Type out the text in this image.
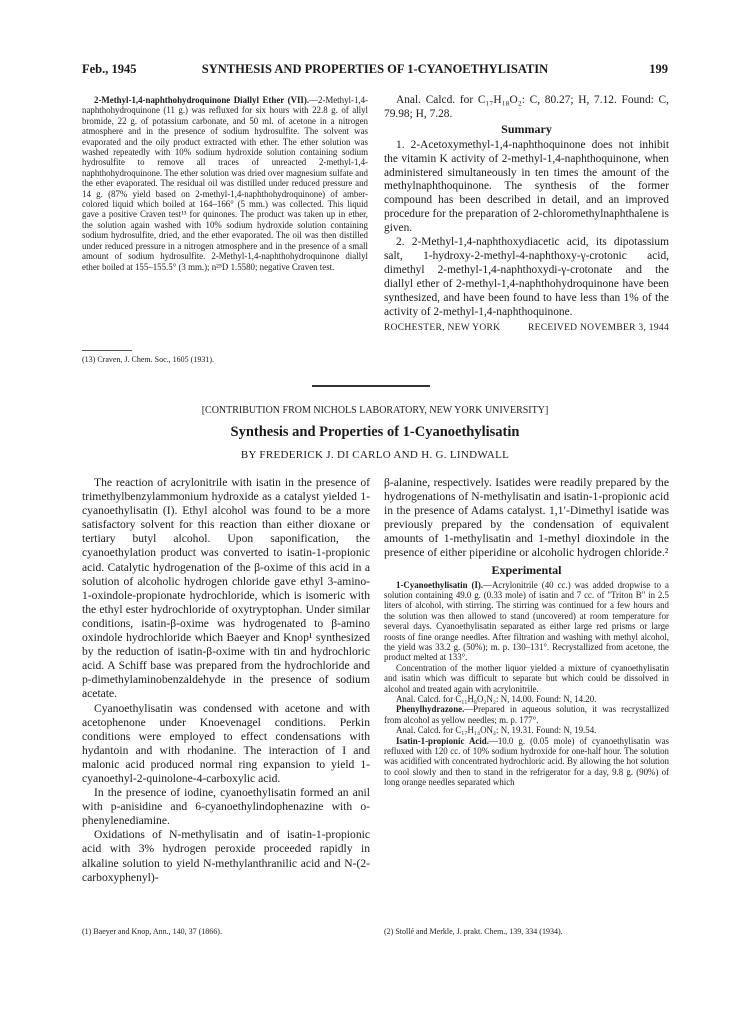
Feb., 1945	SYNTHESIS AND PROPERTIES OF 1-CYANOETHYLISATIN	199

2-Methyl-1,4-naphthohydroquinone Diallyl Ether (VII).—2-Methyl-1,4-naphthohydroquinone (11 g.) was refluxed for six hours with 22.8 g. of allyl bromide, 22 g. of potassium carbonate, and 50 ml. of acetone in a nitrogen atmosphere and in the presence of sodium hydrosulfite. The solvent was evaporated and the oily product extracted with ether. The ether solution was washed repeatedly with 10% sodium hydroxide solution containing sodium hydrosulfite to remove all traces of unreacted 2-methyl-1,4-naphthohydroquinone. The ether solution was dried over magnesium sulfate and the ether evaporated. The residual oil was distilled under reduced pressure and 14 g. (87% yield based on 2-methyl-1,4-naphthohydroquinone) of amber-colored liquid which boiled at 164–166° (5 mm.) was collected. This liquid gave a positive Craven test¹³ for quinones. The product was taken up in ether, the solution again washed with 10% sodium hydroxide solution containing sodium hydrosulfite, dried, and the ether evaporated. The oil was then distilled under reduced pressure in a nitrogen atmosphere and in the presence of a small amount of sodium hydrosulfite. 2-Methyl-1,4-naphthohydroquinone diallyl ether boiled at 155–155.5° (3 mm.); n²⁵D 1.5580; negative Craven test.

(13) Craven, J. Chem. Soc., 1605 (1931).

Anal. Calcd. for C₁₇H₁₈O₂: C, 80.27; H, 7.12. Found: C, 79.98; H, 7.28.

Summary

1. 2-Acetoxymethyl-1,4-naphthoquinone does not inhibit the vitamin K activity of 2-methyl-1,4-naphthoquinone, when administered simultaneously in ten times the amount of the methylnaphthoquinone. The synthesis of the former compound has been described in detail, and an improved procedure for the preparation of 2-chloromethylnaphthalene is given.

2. 2-Methyl-1,4-naphthoxydiacetic acid, its dipotassium salt, 1-hydroxy-2-methyl-4-naphthoxy-γ-crotonic acid, dimethyl 2-methyl-1,4-naphthoxydi-γ-crotonate and the diallyl ether of 2-methyl-1,4-naphthohydroquinone have been synthesized, and have been found to have less than 1% of the activity of 2-methyl-1,4-naphthoquinone.

ROCHESTER, NEW YORK	RECEIVED NOVEMBER 3, 1944
[CONTRIBUTION FROM NICHOLS LABORATORY, NEW YORK UNIVERSITY]
Synthesis and Properties of 1-Cyanoethylisatin
BY FREDERICK J. DI CARLO AND H. G. LINDWALL

The reaction of acrylonitrile with isatin in the presence of trimethylbenzylammonium hydroxide as a catalyst yielded 1-cyanoethylisatin (I). Ethyl alcohol was found to be a more satisfactory solvent for this reaction than either dioxane or tertiary butyl alcohol. Upon saponification, the cyanoethylation product was converted to isatin-1-propionic acid. Catalytic hydrogenation of the β-oxime of this acid in a solution of alcoholic hydrogen chloride gave ethyl 3-amino-1-oxindole-propionate hydrochloride, which is isomeric with the ethyl ester hydrochloride of oxytryptophan. Under similar conditions, isatin-β-oxime was hydrogenated to β-amino oxindole hydrochloride which Baeyer and Knop¹ synthesized by the reduction of isatin-β-oxime with tin and hydrochloric acid. A Schiff base was prepared from the hydrochloride and p-dimethylaminobenzaldehyde in the presence of sodium acetate.

Cyanoethylisatin was condensed with acetone and with acetophenone under Knoevenagel conditions. Perkin conditions were employed to effect condensations with hydantoin and with rhodanine. The interaction of I and malonic acid produced normal ring expansion to yield 1-cyanoethyl-2-quinolone-4-carboxylic acid.

In the presence of iodine, cyanoethylisatin formed an anil with p-anisidine and 6-cyanoethylindophenazine with o-phenylenediamine.

Oxidations of N-methylisatin and of isatin-1-propionic acid with 3% hydrogen peroxide proceeded rapidly in alkaline solution to yield N-methylanthranilic acid and N-(2-carboxyphenyl)-

(1) Baeyer and Knop, Ann., 140, 37 (1866).

β-alanine, respectively. Isatides were readily prepared by the hydrogenations of N-methylisatin and isatin-1-propionic acid in the presence of Adams catalyst. 1,1′-Dimethyl isatide was previously prepared by the condensation of equivalent amounts of 1-methylisatin and 1-methyl dioxindole in the presence of either piperidine or alcoholic hydrogen chloride.²

Experimental

1-Cyanoethylisatin (I).—Acrylonitrile (40 cc.) was added dropwise to a solution containing 49.0 g. (0.33 mole) of isatin and 7 cc. of "Triton B" in 2.5 liters of alcohol, with stirring. The stirring was continued for a few hours and the solution was then allowed to stand (uncovered) at room temperature for several days. Cyanoethylisatin separated as either large red prisms or large roosts of fine orange needles. After filtration and washing with methyl alcohol, the yield was 33.2 g. (50%); m. p. 130–131°. Recrystallized from acetone, the product melted at 133°.

Concentration of the mother liquor yielded a mixture of cyanoethylisatin and isatin which was difficult to separate but which could be dissolved in alcohol and treated again with acrylonitrile.

Anal. Calcd. for C₁₁H₈O₂N₂: N, 14.00. Found: N, 14.20.

Phenylhydrazone.—Prepared in aqueous solution, it was recrystallized from alcohol as yellow needles; m. p. 177°.

Anal. Calcd. for C₁₇H₁₄ON₄: N, 19.31. Found: N, 19.54.

Isatin-1-propionic Acid.—10.0 g. (0.05 mole) of cyanoethylisatin was refluxed with 120 cc. of 10% sodium hydroxide for one-half hour. The solution was acidified with concentrated hydrochloric acid. By allowing the hot solution to cool slowly and then to stand in the refrigerator for a day, 9.8 g. (90%) of long orange needles separated which

(2) Stollé and Merkle, J. prakt. Chem., 139, 334 (1934).
